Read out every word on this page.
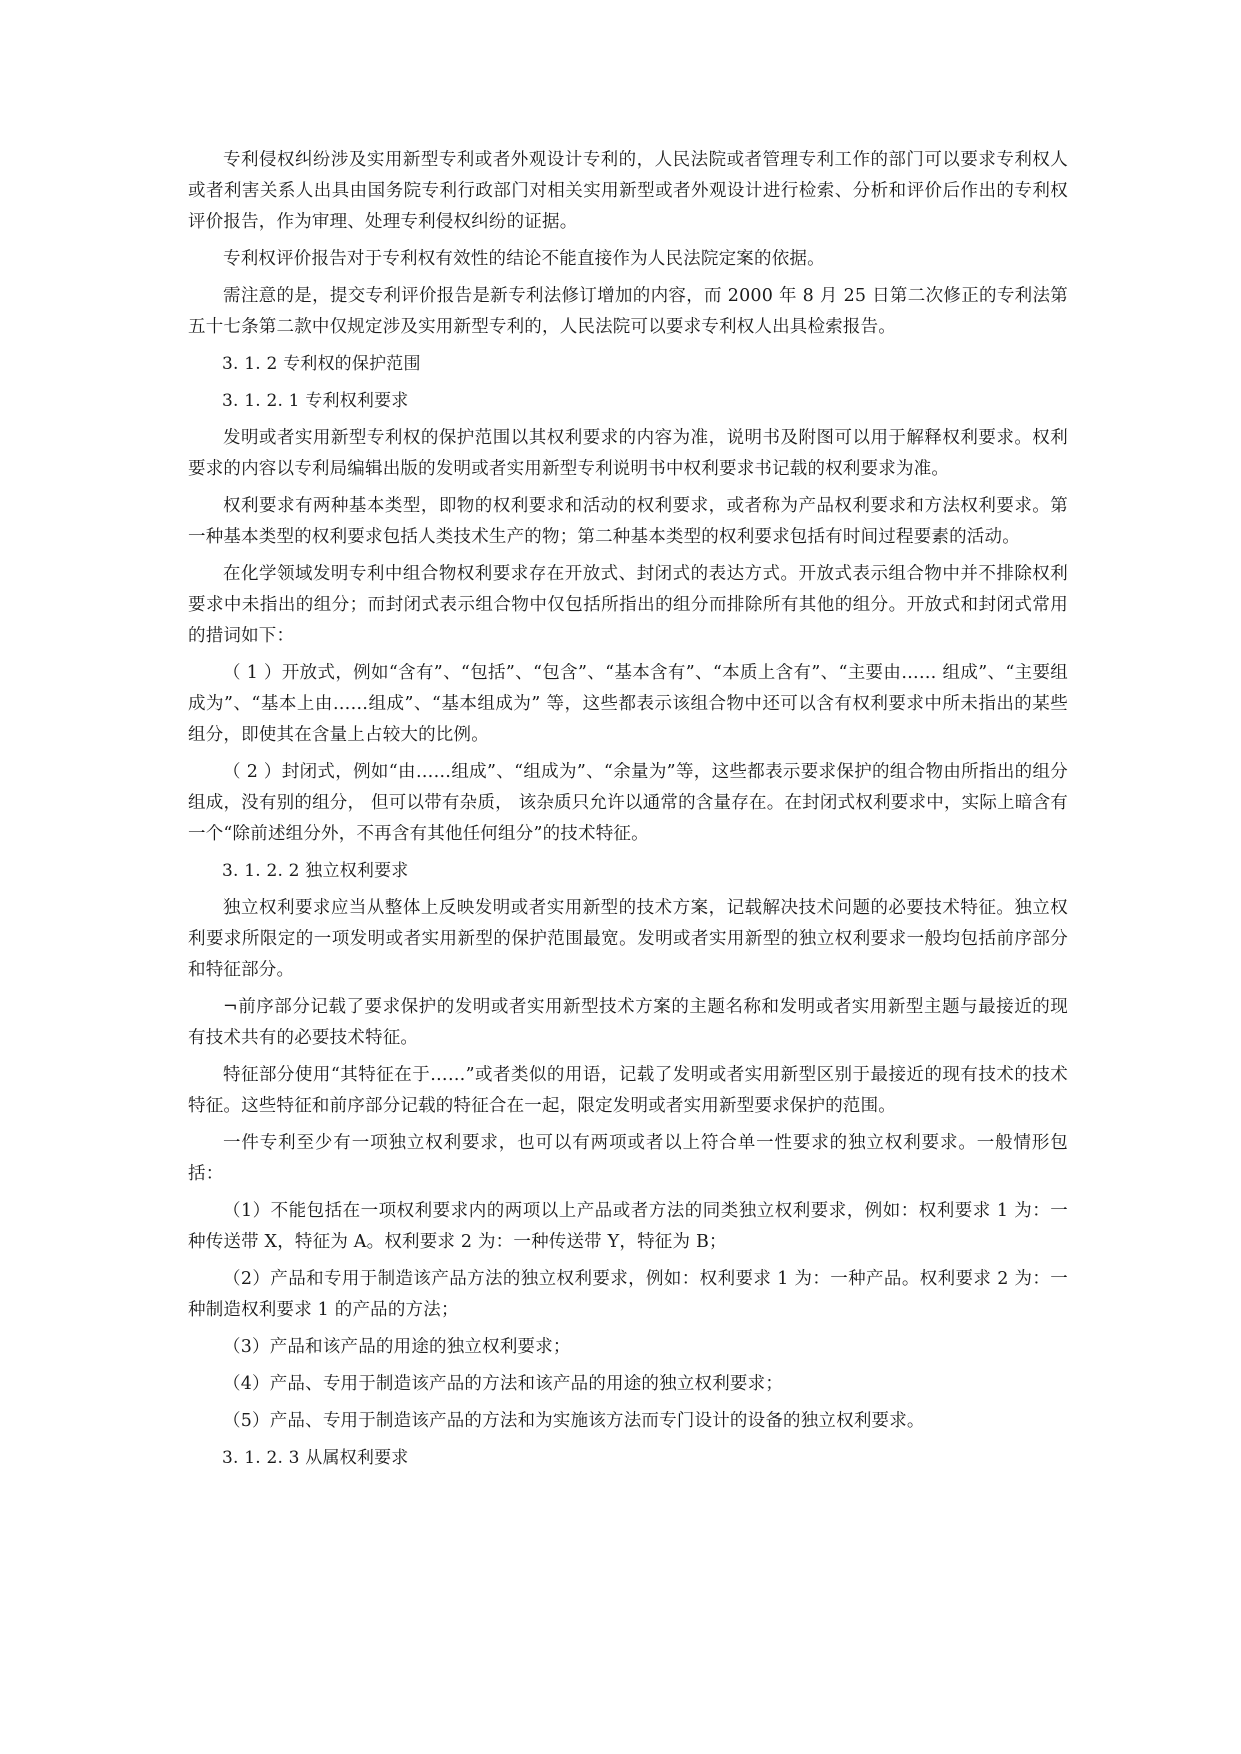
专利侵权纠纷涉及实用新型专利或者外观设计专利的，人民法院或者管理专利工作的部门可以要求专利权人或者利害关系人出具由国务院专利行政部门对相关实用新型或者外观设计进行检索、分析和评价后作出的专利权评价报告，作为审理、处理专利侵权纠纷的证据。

专利权评价报告对于专利权有效性的结论不能直接作为人民法院定案的依据。

需注意的是，提交专利评价报告是新专利法修订增加的内容，而 2000 年 8 月 25 日第二次修正的专利法第五十七条第二款中仅规定涉及实用新型专利的，人民法院可以要求专利权人出具检索报告。

3. 1. 2 专利权的保护范围
3. 1. 2. 1 专利权利要求

发明或者实用新型专利权的保护范围以其权利要求的内容为准，说明书及附图可以用于解释权利要求。权利要求的内容以专利局编辑出版的发明或者实用新型专利说明书中权利要求书记载的权利要求为准。

权利要求有两种基本类型，即物的权利要求和活动的权利要求，或者称为产品权利要求和方法权利要求。第一种基本类型的权利要求包括人类技术生产的物；第二种基本类型的权利要求包括有时间过程要素的活动。

在化学领域发明专利中组合物权利要求存在开放式、封闭式的表达方式。开放式表示组合物中并不排除权利要求中未指出的组分；而封闭式表示组合物中仅包括所指出的组分而排除所有其他的组分。开放式和封闭式常用的措词如下：

（ 1 ）开放式，例如“含有”、“包括”、“包含”、“基本含有”、“本质上含有”、“主要由…… 组成”、“主要组成为”、“基本上由……组成”、“基本组成为” 等，这些都表示该组合物中还可以含有权利要求中所未指出的某些组分，即使其在含量上占较大的比例。

（ 2 ）封闭式，例如“由……组成”、“组成为”、“余量为”等，这些都表示要求保护的组合物由所指出的组分组成，没有别的组分， 但可以带有杂质， 该杂质只允许以通常的含量存在。在封闭式权利要求中，实际上暗含有一个“除前述组分外，不再含有其他任何组分”的技术特征。

3. 1. 2. 2 独立权利要求

独立权利要求应当从整体上反映发明或者实用新型的技术方案，记载解决技术问题的必要技术特征。独立权利要求所限定的一项发明或者实用新型的保护范围最宽。发明或者实用新型的独立权利要求一般均包括前序部分和特征部分。

¬前序部分记载了要求保护的发明或者实用新型技术方案的主题名称和发明或者实用新型主题与最接近的现有技术共有的必要技术特征。

特征部分使用“其特征在于……”或者类似的用语，记载了发明或者实用新型区别于最接近的现有技术的技术特征。这些特征和前序部分记载的特征合在一起，限定发明或者实用新型要求保护的范围。

一件专利至少有一项独立权利要求，也可以有两项或者以上符合单一性要求的独立权利要求。一般情形包括：

（1）不能包括在一项权利要求内的两项以上产品或者方法的同类独立权利要求，例如：权利要求 1 为：一种传送带 X，特征为 A。权利要求 2 为：一种传送带 Y，特征为 B；

（2）产品和专用于制造该产品方法的独立权利要求，例如：权利要求 1 为：一种产品。权利要求 2 为：一种制造权利要求 1 的产品的方法；

（3）产品和该产品的用途的独立权利要求；

（4）产品、专用于制造该产品的方法和该产品的用途的独立权利要求；

（5）产品、专用于制造该产品的方法和为实施该方法而专门设计的设备的独立权利要求。

3. 1. 2. 3 从属权利要求
